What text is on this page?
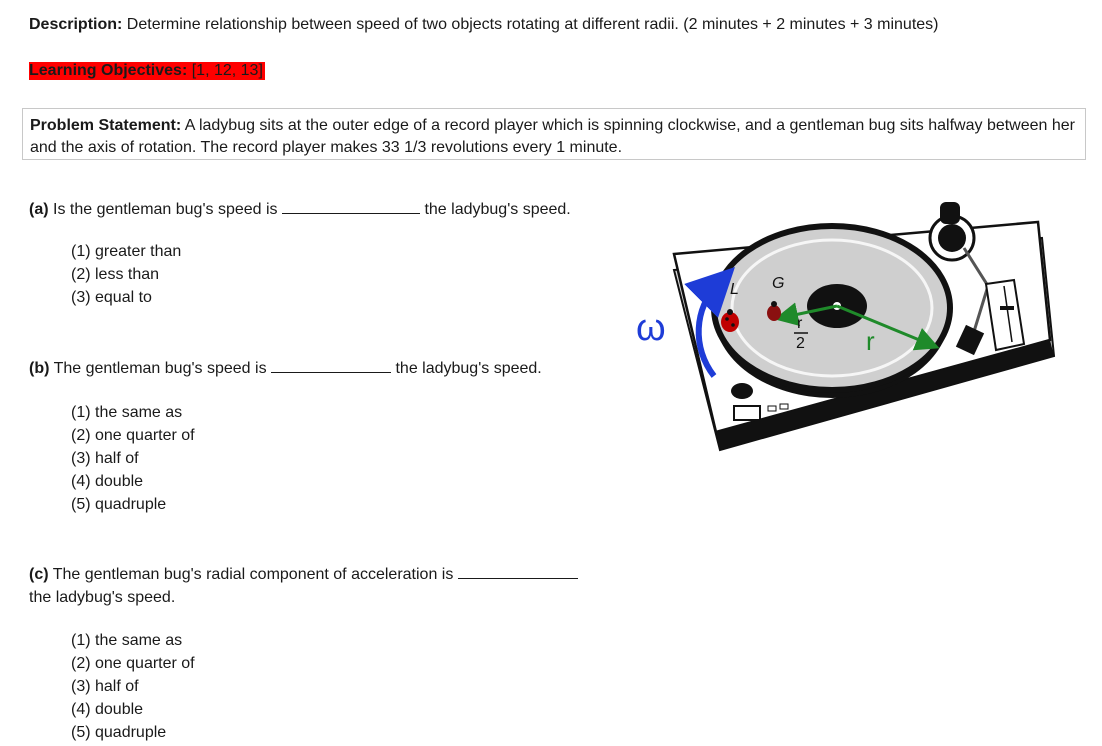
Description: Determine relationship between speed of two objects rotating at different radii. (2 minutes + 2 minutes + 3 minutes)
Learning Objectives: [1, 12, 13]
Problem Statement: A ladybug sits at the outer edge of a record player which is spinning clockwise, and a gentleman bug sits halfway between her and the axis of rotation. The record player makes 33 1/3 revolutions every 1 minute.
(a) Is the gentleman bug's speed is	the ladybug's speed.
(1) greater than
(2) less than
(3) equal to
(b) The gentleman bug's speed is	the ladybug's speed.
(1) the same as
(2) one quarter of
(3) half of
(4) double
(5) quadruple
(c) The gentleman bug's radial component of acceleration is
the ladybug's speed.
(1) the same as
(2) one quarter of
(3) half of
(4) double
(5) quadruple
ω
L G
r
2 r
